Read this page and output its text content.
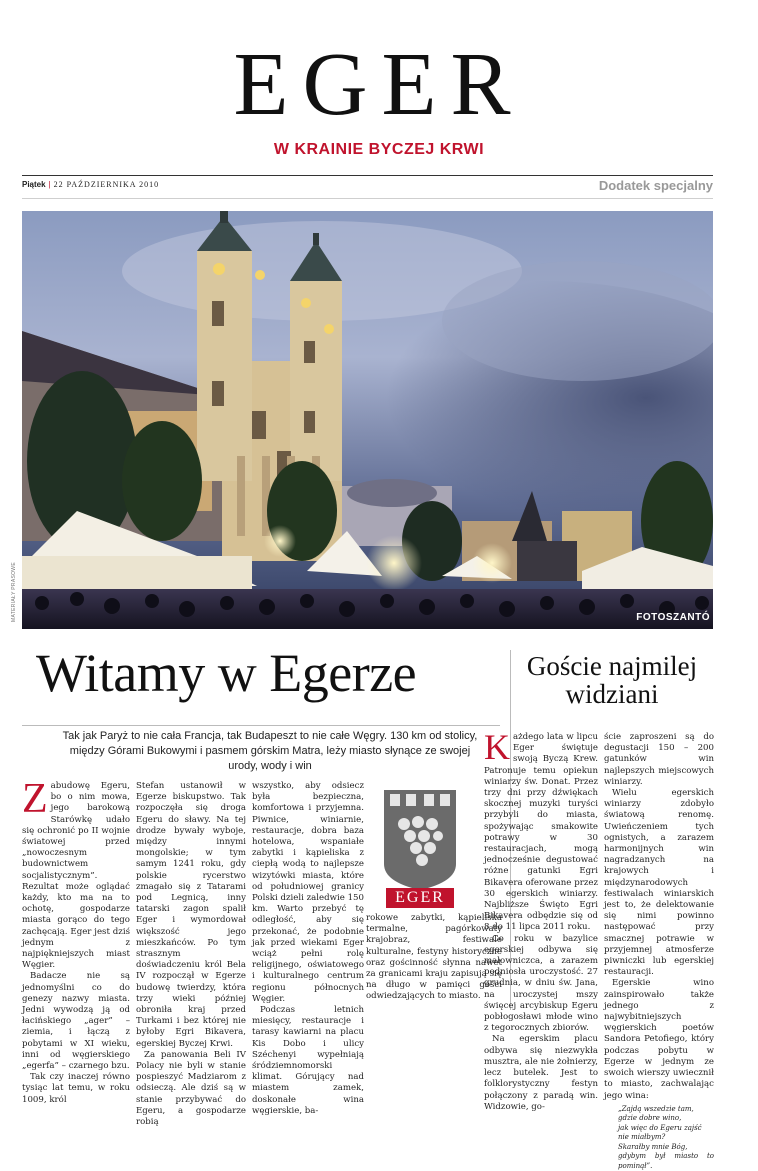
EGER
W KRAINIE BYCZEJ KRWI
Piątek | 22 PAŹDZIERNIKA 2010	Dodatek specjalny
MATERIAŁY PRASOWE	FOTOSZANTÓ
Witamy w Egerze
Tak jak Paryż to nie cała Francja, tak Budapeszt to nie całe Węgry. 130 km od stolicy, między Górami Bukowymi i pasmem górskim Matra, leży miasto słynące ze swojej urody, wody i win
Goście najmilej
widziani
Z abudowę Egeru, bo o nim mowa, jego barokową Starówkę udało się ochronić po II wojnie światowej przed „nowoczesnym budownictwem socjalistycznym”. Rezultat może oglądać każdy, kto ma na to ochotę, gospodarze miasta gorąco do tego zachęcają. Eger jest dziś jednym z najpiękniejszych miast Węgier.

Badacze nie są jednomyślni co do genezy nazwy miasta. Jedni wywodzą ją od łacińskiego „ager” – ziemia, i łączą z pobytami w XI wieku, inni od węgierskiego „egerfa” – czarnego bzu.

Tak czy inaczej równo tysiąc lat temu, w roku 1009, król

Stefan ustanowił w Egerze biskupstwo. Tak rozpoczęła się droga Egeru do sławy. Na tej drodze bywały wyboje, między innymi mongolskie; w tym samym 1241 roku, gdy polskie rycerstwo zmagało się z Tatarami pod Legnicą, inny tatarski zagon spalił Eger i wymordował większość jego mieszkańców. Po tym strasznym doświadczeniu król Bela IV rozpoczął w Egerze budowę twierdzy, która trzy wieki później obroniła kraj przed Turkami i bez której nie byłoby Egri Bikavera, egerskiej Byczej Krwi.

Za panowania Beli IV Polacy nie byli w stanie pospieszyć Madziarom z odsieczą. Ale dziś są w stanie przybywać do Egeru, a gospodarze robią

wszystko, aby odsiecz była bezpieczna, komfortowa i przyjemna. Piwnice, winiarnie, restauracje, dobra baza hotelowa, wspaniałe zabytki i kąpieliska z ciepłą wodą to najlepsze wizytówki miasta, które od południowej granicy Polski dzieli zaledwie 150 km. Warto przebyć tę odległość, aby się przekonać, że podobnie jak przed wiekami Eger wciąż pełni rolę religijnego, oświatowego i kulturalnego centrum regionu północnych Węgier.

Podczas letnich miesięcy, restauracje i tarasy kawiarni na placu Kis Dobo i ulicy Széchenyi wypełniają śródziemnomorski klimat. Górujący nad miastem zamek, doskonałe wina węgierskie, ba-

EGER

rokowe zabytki, kąpieliska termalne, pagórkowaty krajobraz, festiwale kulturalne, festyny historyczne oraz gościnność słynna nawet za granicami kraju zapisują się na długo w pamięci gości odwiedzających to miasto.

K ażdego lata w lipcu Eger świętuje swoją Byczą Krew. Patronuje temu opiekun winiarzy św. Donat. Przez trzy dni przy dźwiękach skocznej muzyki turyści przybyli do miasta, spożywając smakowite potrawy w 30 restauracjach, mogą jednocześnie degustować różne gatunki Egri Bikavera oferowane przez 30 egerskich winiarzy. Najbliższe Święto Egri Bikavera odbędzie się od 8 do 11 lipca 2011 roku.

Co roku w bazylice egerskiej odbywa się małowniczca, a zarazem podniosła uroczystość. 27 grudnia, w dniu św. Jana, na uroczystej mszy święcej arcybiskup Egeru pobłogosławi młode wino z tegorocznych zbiorów.

Na egerskim placu odbywa się niezwykła musztra, ale nie żołnierzy, lecz butelek. Jest to folklorystyczny festyn połączony z paradą win. Widzowie, go-

ście zaproszeni są do degustacji 150 – 200 gatunków win najlepszych miejscowych winiarzy.

Wielu egerskich winiarzy zdobyło światową renomę. Uwieńczeniem tych ognistych, a zarazem harmonijnych win nagradzanych na krajowych i międzynarodowych festiwalach winiarskich jest to, że delektowanie się nimi powinno następować przy smacznej potrawie w przyjemnej atmosferze piwniczki lub egerskiej restauracji.

Egerskie wino zainspirowało także jednego z najwybitniejszych węgierskich poetów Sandora Petofiego, który podczas pobytu w Egerze w jednym ze swoich wierszy uwiecznił to miasto, zachwalając jego wina:

„Zajdą wszedzie tam,
gdzie dobre wino,
jak więc do Egeru zajść
nie miałbym?
Skarałby mnie Bóg,
gdybym był miasto to pominął”.
